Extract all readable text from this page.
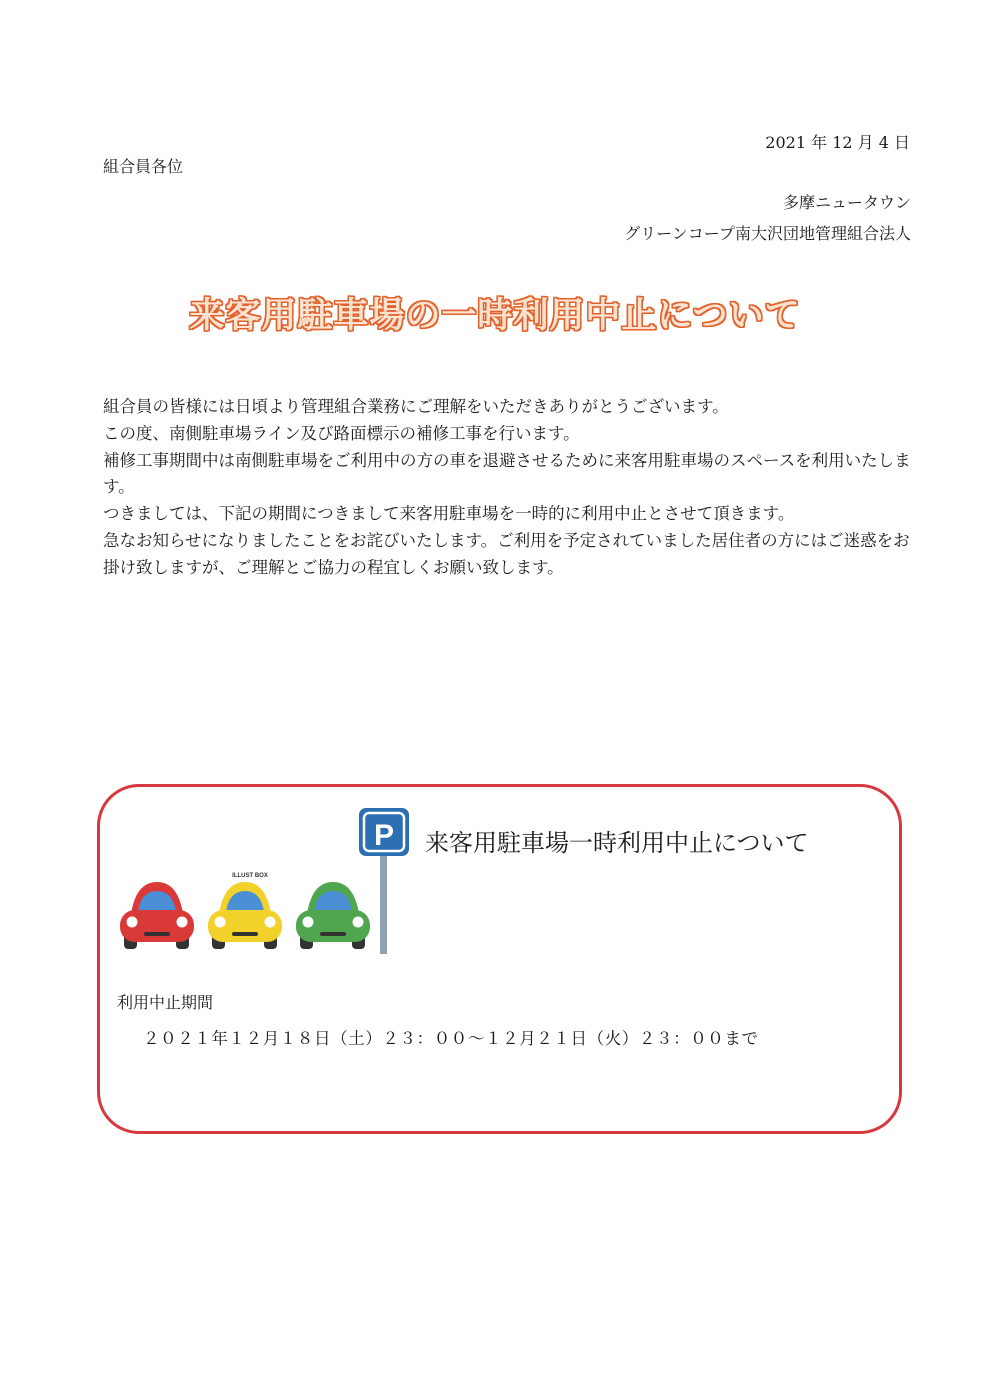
2021 年 12 月 4 日
組合員各位
多摩ニュータウン
グリーンコープ南大沢団地管理組合法人
来客用駐車場の一時利用中止について

組合員の皆様には日頃より管理組合業務にご理解をいただきありがとうございます。

この度、南側駐車場ライン及び路面標示の補修工事を行います。

補修工事期間中は南側駐車場をご利用中の方の車を退避させるために来客用駐車場のスペースを利用いたします。

つきましては、下記の期間につきまして来客用駐車場を一時的に利用中止とさせて頂きます。

急なお知らせになりましたことをお詫びいたします。ご利用を予定されていました居住者の方にはご迷惑をお掛け致しますが、ご理解とご協力の程宜しくお願い致します。

P
ILLUST BOX
来客用駐車場一時利用中止について
利用中止期間
２０２１年１２月１８日（土）２３：００～１２月２１日（火）２３：００まで
